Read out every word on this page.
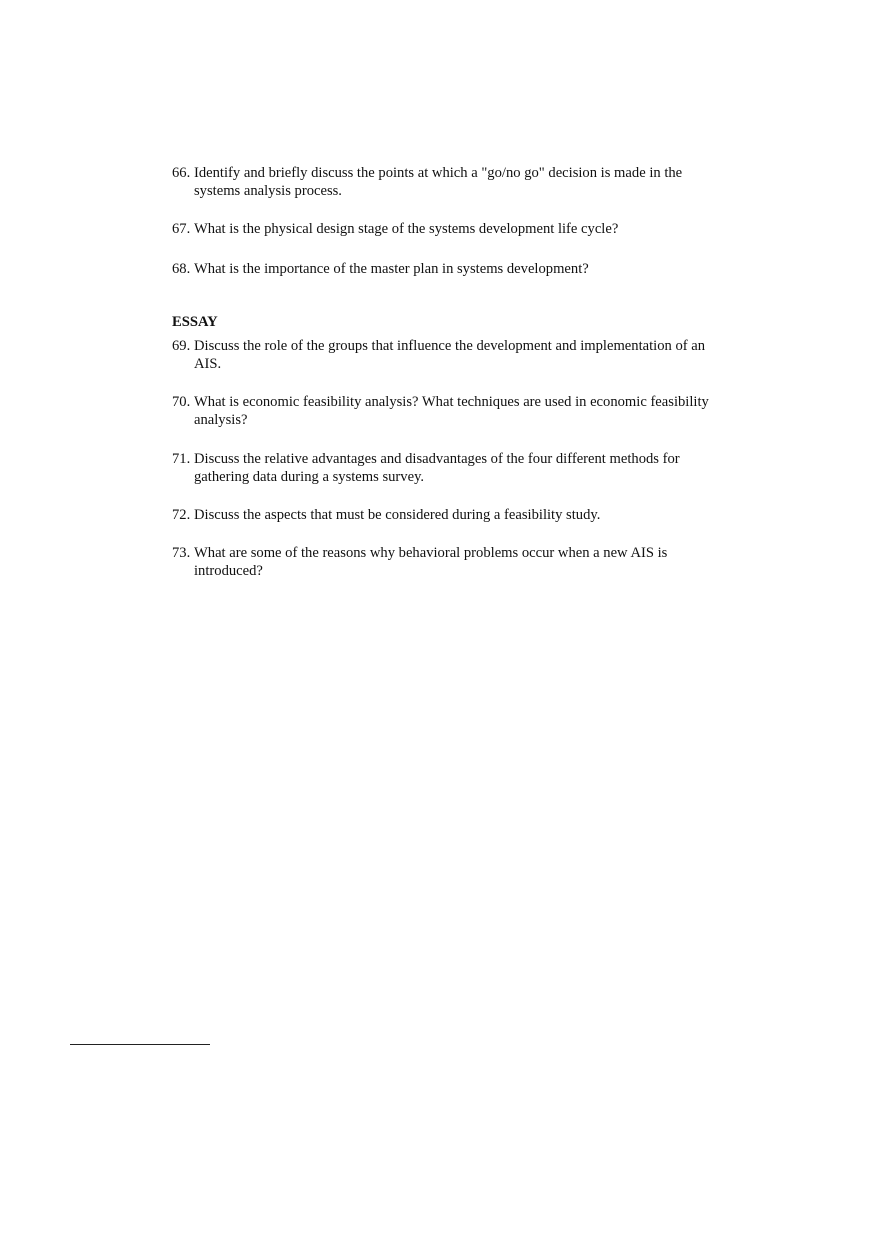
66. Identify and briefly discuss the points at which a "go/no go" decision is made in the systems analysis process.
67. What is the physical design stage of the systems development life cycle?
68. What is the importance of the master plan in systems development?
ESSAY
69. Discuss the role of the groups that influence the development and implementation of an AIS.
70. What is economic feasibility analysis? What techniques are used in economic feasibility analysis?
71. Discuss the relative advantages and disadvantages of the four different methods for gathering data during a systems survey.
72. Discuss the aspects that must be considered during a feasibility study.
73. What are some of the reasons why behavioral problems occur when a new AIS is introduced?
